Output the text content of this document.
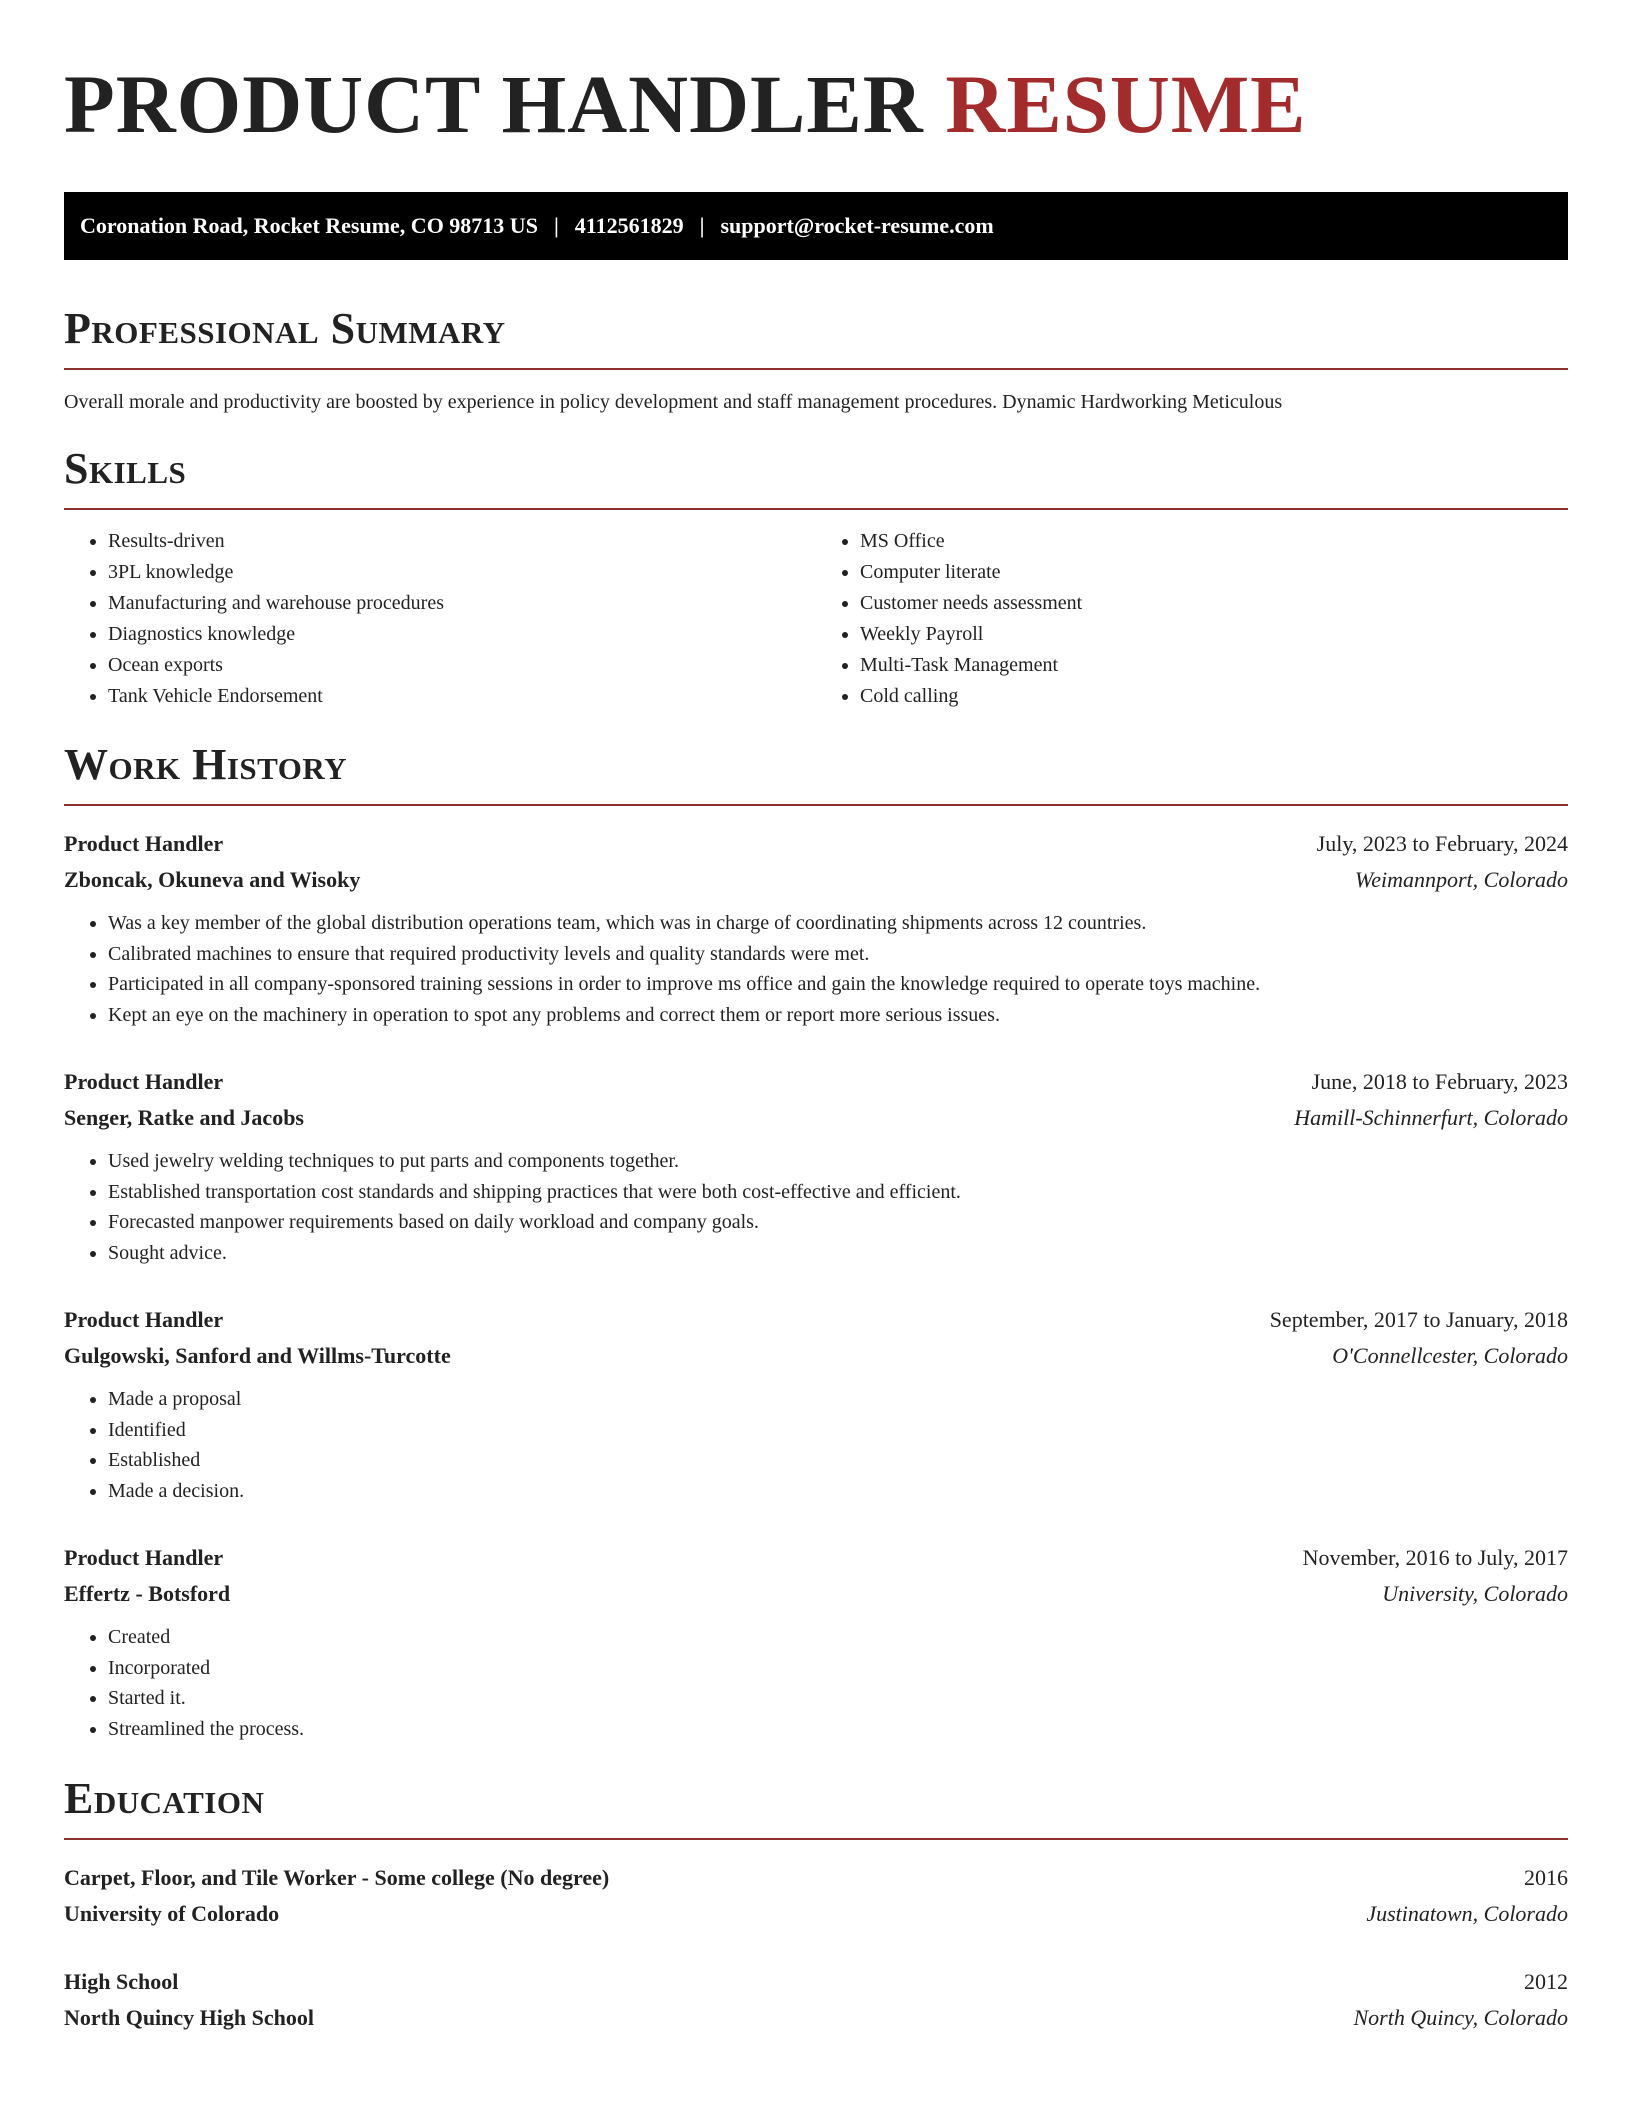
PRODUCT HANDLER RESUME
Coronation Road, Rocket Resume, CO 98713 US | 4112561829 | support@rocket-resume.com
Professional Summary

Overall morale and productivity are boosted by experience in policy development and staff management procedures. Dynamic Hardworking Meticulous

Skills
• Results-driven
• 3PL knowledge
• Manufacturing and warehouse procedures
• Diagnostics knowledge
• Ocean exports
• Tank Vehicle Endorsement
• MS Office
• Computer literate
• Customer needs assessment
• Weekly Payroll
• Multi-Task Management
• Cold calling
Work History
Product Handler	July, 2023 to February, 2024
Zboncak, Okuneva and Wisoky	Weimannport, Colorado
• Was a key member of the global distribution operations team, which was in charge of coordinating shipments across 12 countries.
• Calibrated machines to ensure that required productivity levels and quality standards were met.
• Participated in all company-sponsored training sessions in order to improve ms office and gain the knowledge required to operate toys machine.
• Kept an eye on the machinery in operation to spot any problems and correct them or report more serious issues.
Product Handler	June, 2018 to February, 2023
Senger, Ratke and Jacobs	Hamill-Schinnerfurt, Colorado
• Used jewelry welding techniques to put parts and components together.
• Established transportation cost standards and shipping practices that were both cost-effective and efficient.
• Forecasted manpower requirements based on daily workload and company goals.
• Sought advice.
Product Handler	September, 2017 to January, 2018
Gulgowski, Sanford and Willms-Turcotte	O'Connellcester, Colorado
• Made a proposal
• Identified
• Established
• Made a decision.
Product Handler	November, 2016 to July, 2017
Effertz - Botsford	University, Colorado
• Created
• Incorporated
• Started it.
• Streamlined the process.
Education
Carpet, Floor, and Tile Worker - Some college (No degree)	2016
University of Colorado	Justinatown, Colorado
High School	2012
North Quincy High School	North Quincy, Colorado
